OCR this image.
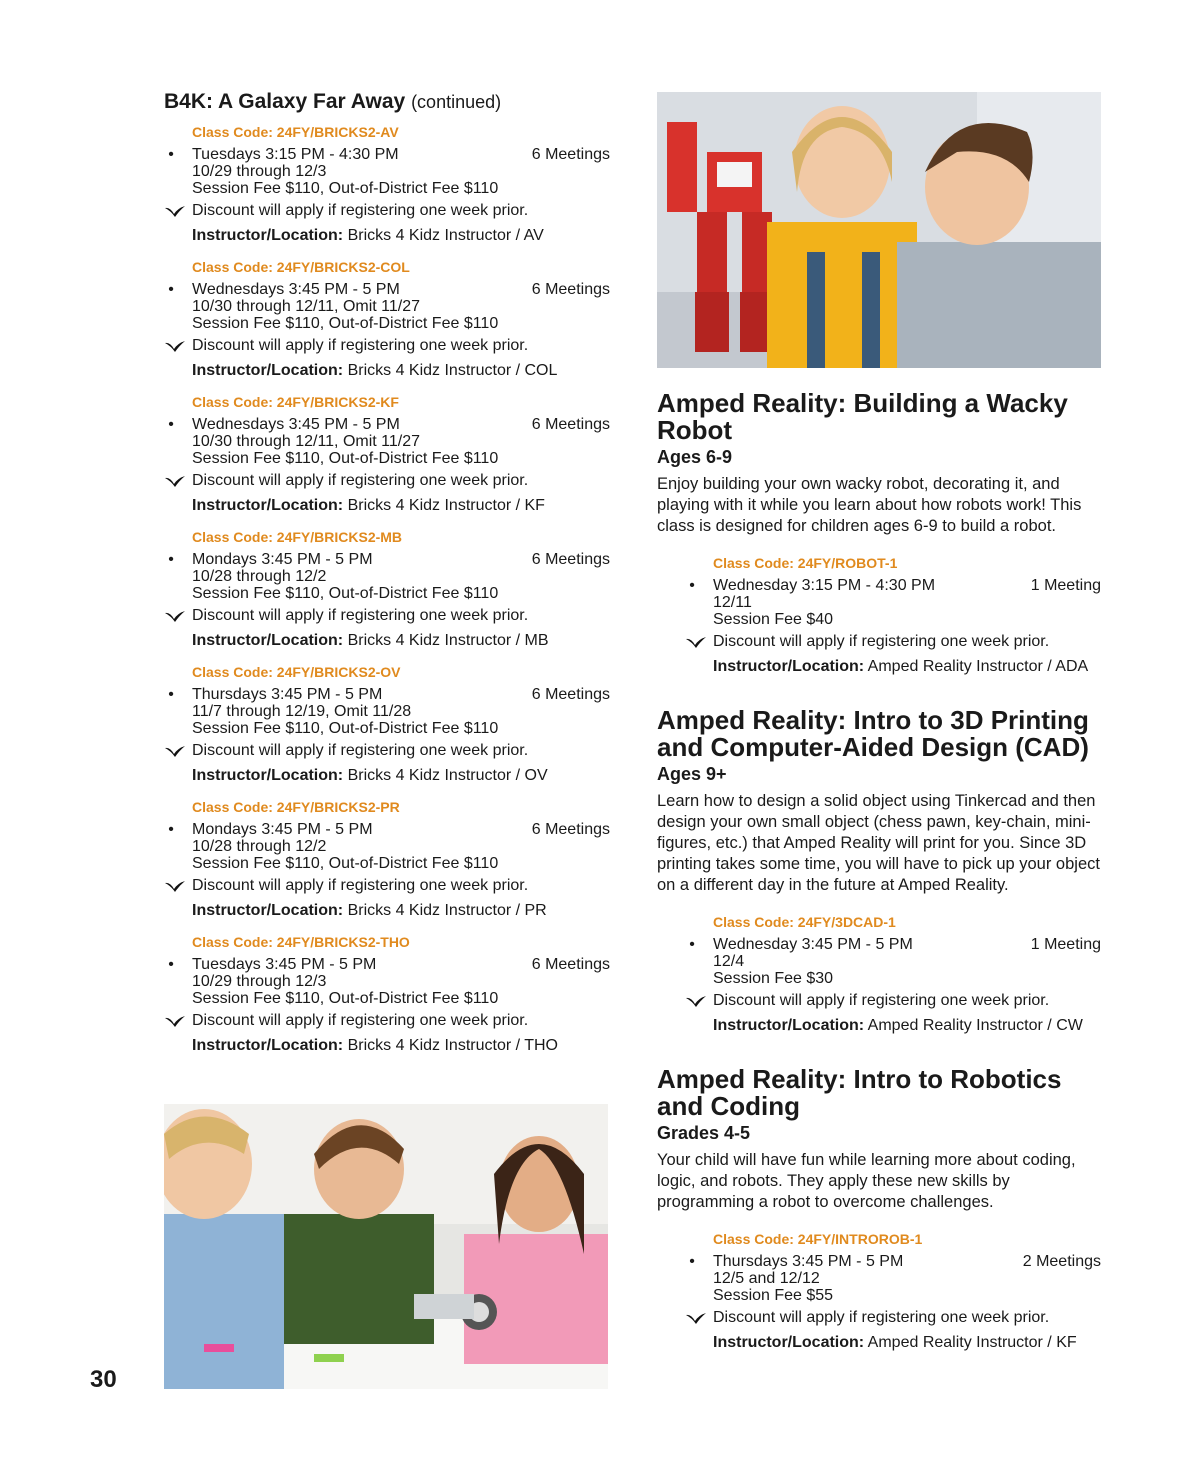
B4K: A Galaxy Far Away (continued)
Class Code: 24FY/BRICKS2-AV
• Tuesdays 3:15 PM - 4:30 PM	6 Meetings
10/29 through 12/3
Session Fee $110, Out-of-District Fee $110
Discount will apply if registering one week prior.
Instructor/Location: Bricks 4 Kidz Instructor / AV
Class Code: 24FY/BRICKS2-COL
• Wednesdays 3:45 PM - 5 PM	6 Meetings
10/30 through 12/11, Omit 11/27
Session Fee $110, Out-of-District Fee $110
Discount will apply if registering one week prior.
Instructor/Location: Bricks 4 Kidz Instructor / COL
Class Code: 24FY/BRICKS2-KF
• Wednesdays 3:45 PM - 5 PM	6 Meetings
10/30 through 12/11, Omit 11/27
Session Fee $110, Out-of-District Fee $110
Discount will apply if registering one week prior.
Instructor/Location: Bricks 4 Kidz Instructor / KF
Class Code: 24FY/BRICKS2-MB
• Mondays 3:45 PM - 5 PM	6 Meetings
10/28 through 12/2
Session Fee $110, Out-of-District Fee $110
Discount will apply if registering one week prior.
Instructor/Location: Bricks 4 Kidz Instructor / MB
Class Code: 24FY/BRICKS2-OV
• Thursdays 3:45 PM - 5 PM	6 Meetings
11/7 through 12/19, Omit 11/28
Session Fee $110, Out-of-District Fee $110
Discount will apply if registering one week prior.
Instructor/Location: Bricks 4 Kidz Instructor / OV
Class Code: 24FY/BRICKS2-PR
• Mondays 3:45 PM - 5 PM	6 Meetings
10/28 through 12/2
Session Fee $110, Out-of-District Fee $110
Discount will apply if registering one week prior.
Instructor/Location: Bricks 4 Kidz Instructor / PR
Class Code: 24FY/BRICKS2-THO
• Tuesdays 3:45 PM - 5 PM	6 Meetings
10/29 through 12/3
Session Fee $110, Out-of-District Fee $110
Discount will apply if registering one week prior.
Instructor/Location: Bricks 4 Kidz Instructor / THO
Amped Reality: Building a Wacky Robot
Ages 6-9

Enjoy building your own wacky robot, decorating it, and playing with it while you learn about how robots work! This class is designed for children ages 6-9 to build a robot.

Class Code: 24FY/ROBOT-1
• Wednesday 3:15 PM - 4:30 PM	1 Meeting
12/11
Session Fee $40
Discount will apply if registering one week prior.
Instructor/Location: Amped Reality Instructor / ADA
Amped Reality: Intro to 3D Printing and Computer-Aided Design (CAD)
Ages 9+

Learn how to design a solid object using Tinkercad and then design your own small object (chess pawn, key-chain, mini-figures, etc.) that Amped Reality will print for you. Since 3D printing takes some time, you will have to pick up your object on a different day in the future at Amped Reality.

Class Code: 24FY/3DCAD-1
• Wednesday 3:45 PM - 5 PM	1 Meeting
12/4
Session Fee $30
Discount will apply if registering one week prior.
Instructor/Location: Amped Reality Instructor / CW
Amped Reality: Intro to Robotics and Coding
Grades 4-5

Your child will have fun while learning more about coding, logic, and robots. They apply these new skills by programming a robot to overcome challenges.

Class Code: 24FY/INTROROB-1
• Thursdays 3:45 PM - 5 PM	2 Meetings
12/5 and 12/12
Session Fee $55
Discount will apply if registering one week prior.
Instructor/Location: Amped Reality Instructor / KF
30
